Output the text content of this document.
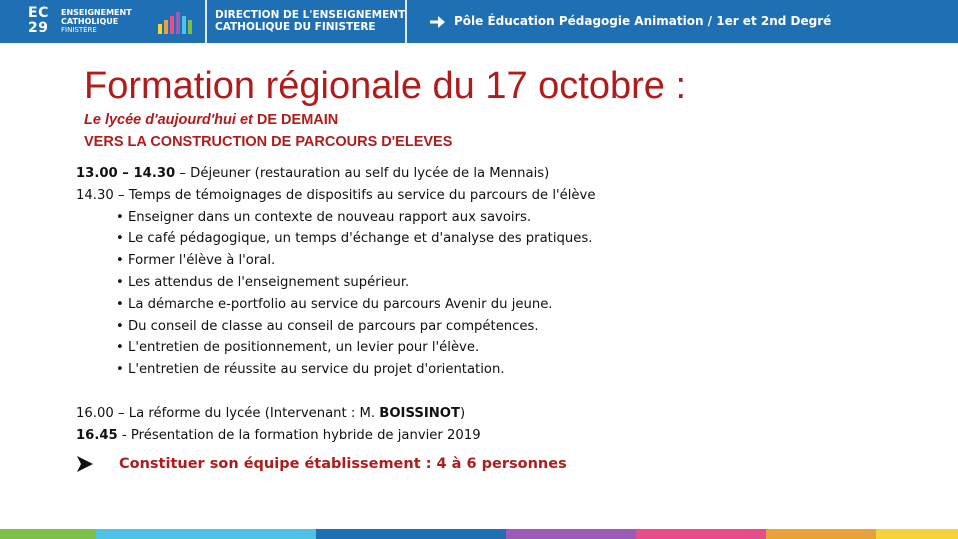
EC
29
ENSEIGNEMENT
CATHOLIQUE
FINISTÈRE
DIRECTION DE L'ENSEIGNEMENT
CATHOLIQUE DU FINISTERE	Pôle Éducation Pédagogie Animation / 1er et 2nd Degré
Formation régionale du 17 octobre :
Le lycée d'aujourd'hui et DE DEMAIN
VERS LA CONSTRUCTION DE PARCOURS D'ELEVES
13.00 – 14.30 – Déjeuner (restauration au self du lycée de la Mennais)
14.30 – Temps de témoignages de dispositifs au service du parcours de l'élève
• Enseigner dans un contexte de nouveau rapport aux savoirs.
• Le café pédagogique, un temps d'échange et d'analyse des pratiques.
• Former l'élève à l'oral.
• Les attendus de l'enseignement supérieur.
• La démarche e-portfolio au service du parcours Avenir du jeune.
• Du conseil de classe au conseil de parcours par compétences.
• L'entretien de positionnement, un levier pour l'élève.
• L'entretien de réussite au service du projet d'orientation.
16.00 – La réforme du lycée (Intervenant : M. BOISSINOT)
16.45 - Présentation de la formation hybride de janvier 2019
Constituer son équipe établissement : 4 à 6 personnes
